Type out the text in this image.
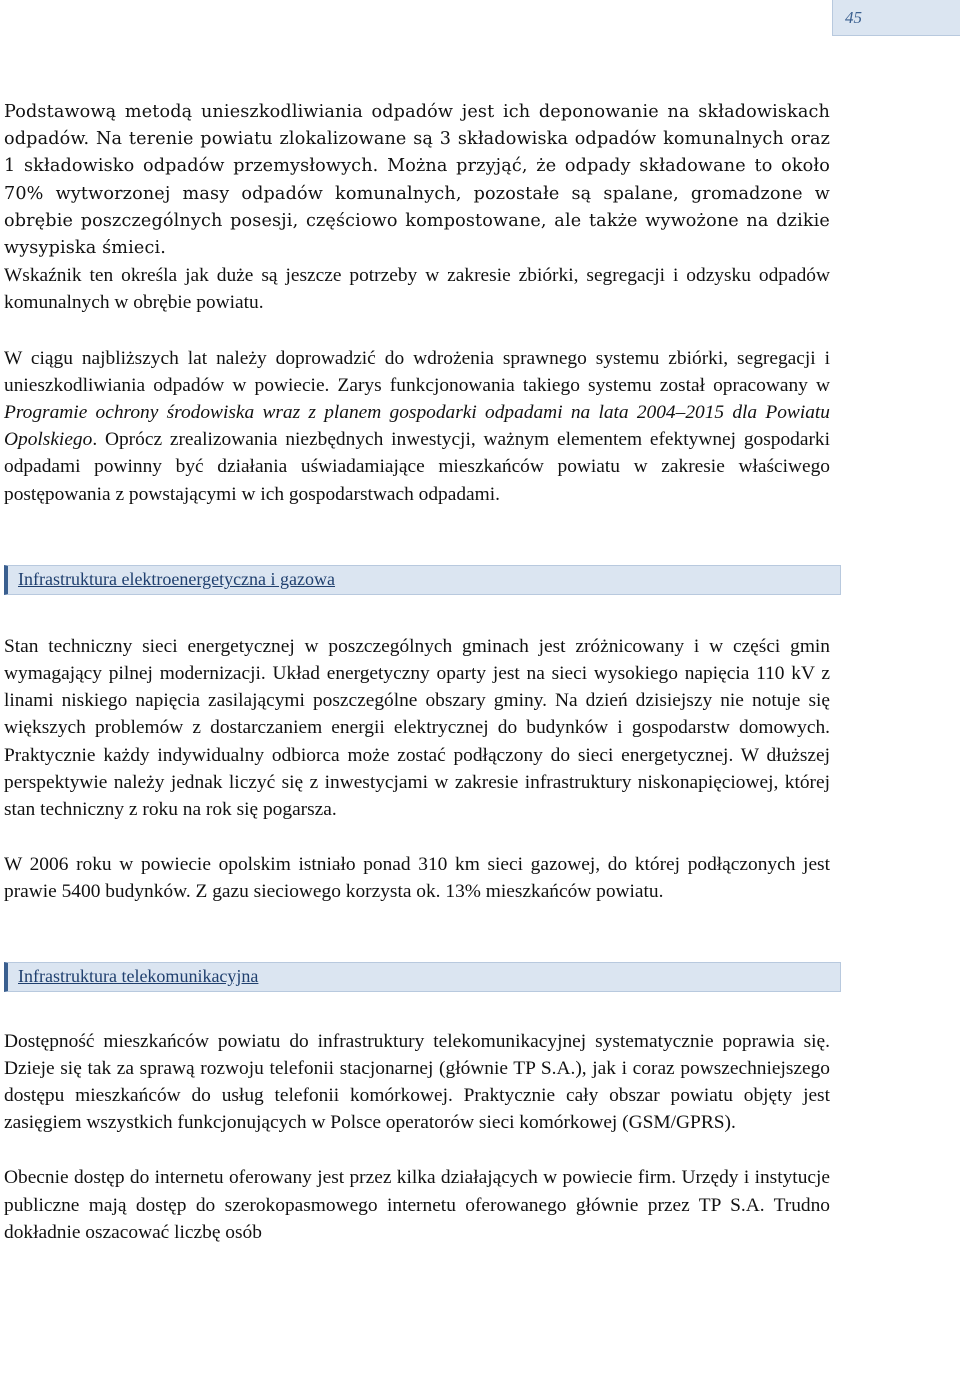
45

Podstawową metodą unieszkodliwiania odpadów jest ich deponowanie na składowiskach odpadów. Na terenie powiatu zlokalizowane są 3 składowiska odpadów komunalnych oraz 1 składowisko odpadów przemysłowych. Można przyjąć, że odpady składowane to około 70% wytworzonej masy odpadów komunalnych, pozostałe są spalane, gromadzone w obrębie poszczególnych posesji, częściowo kompostowane, ale także wywożone na dzikie wysypiska śmieci.

Wskaźnik ten określa jak duże są jeszcze potrzeby w zakresie zbiórki, segregacji i odzysku odpadów komunalnych w obrębie powiatu.

W ciągu najbliższych lat należy doprowadzić do wdrożenia sprawnego systemu zbiórki, segregacji i unieszkodliwiania odpadów w powiecie. Zarys funkcjonowania takiego systemu został opracowany w Programie ochrony środowiska wraz z planem gospodarki odpadami na lata 2004–2015 dla Powiatu Opolskiego. Oprócz zrealizowania niezbędnych inwestycji, ważnym elementem efektywnej gospodarki odpadami powinny być działania uświadamiające mieszkańców powiatu w zakresie właściwego postępowania z powstającymi w ich gospodarstwach odpadami.

Infrastruktura elektroenergetyczna i gazowa

Stan techniczny sieci energetycznej w poszczególnych gminach jest zróżnicowany i w części gmin wymagający pilnej modernizacji. Układ energetyczny oparty jest na sieci wysokiego napięcia 110 kV z linami niskiego napięcia zasilającymi poszczególne obszary gminy. Na dzień dzisiejszy nie notuje się większych problemów z dostarczaniem energii elektrycznej do budynków i gospodarstw domowych. Praktycznie każdy indywidualny odbiorca może zostać podłączony do sieci energetycznej. W dłuższej perspektywie należy jednak liczyć się z inwestycjami w zakresie infrastruktury niskonapięciowej, której stan techniczny z roku na rok się pogarsza.

W 2006 roku w powiecie opolskim istniało ponad 310 km sieci gazowej, do której podłączonych jest prawie 5400 budynków. Z gazu sieciowego korzysta ok. 13% mieszkańców powiatu.

Infrastruktura telekomunikacyjna

Dostępność mieszkańców powiatu do infrastruktury telekomunikacyjnej systematycznie poprawia się. Dzieje się tak za sprawą rozwoju telefonii stacjonarnej (głównie TP S.A.), jak i coraz powszechniejszego dostępu mieszkańców do usług telefonii komórkowej. Praktycznie cały obszar powiatu objęty jest zasięgiem wszystkich funkcjonujących w Polsce operatorów sieci komórkowej (GSM/GPRS).

Obecnie dostęp do internetu oferowany jest przez kilka działających w powiecie firm. Urzędy i instytucje publiczne mają dostęp do szerokopasmowego internetu oferowanego głównie przez TP S.A. Trudno dokładnie oszacować liczbę osób
